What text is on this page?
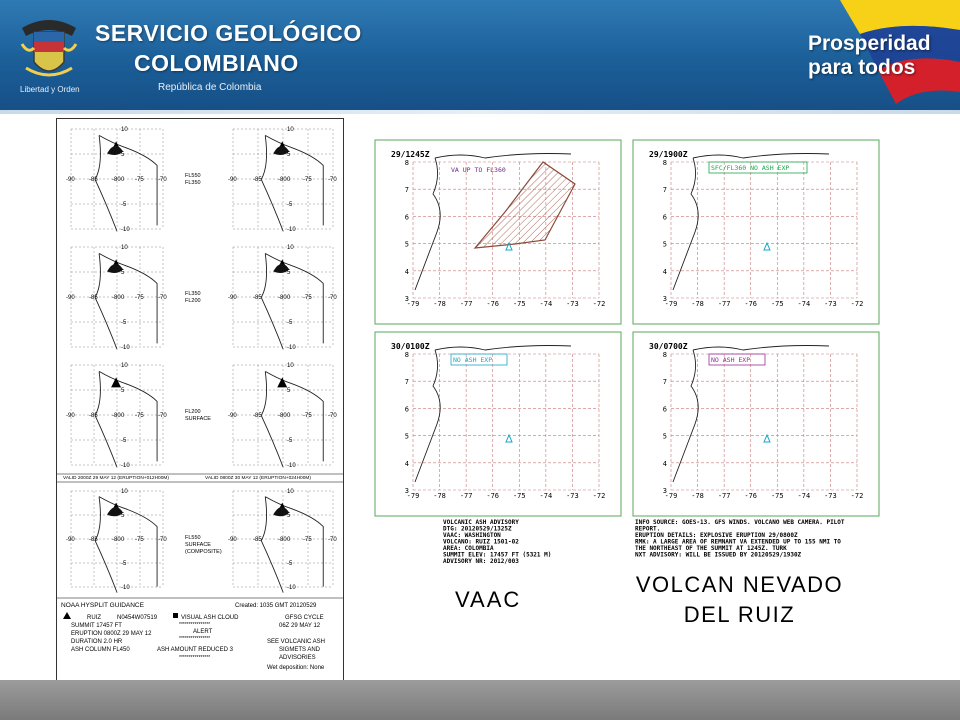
Libertad y Orden
SERVICIO GEOLÓGICO
COLOMBIANO
República de Colombia
Prosperidad
para todos
10
5
0
-5
-10
-90 -85 -80 -75 -70
10
5
0
-5
-10
-90	-85	-80	-75	-70
10
5
0
-5
-10
-90 -85 -80 -75 -70
10
5
0
-5
-10
-90	-85	-80	-75	-70
10
5
0
-5
-10
-90 -85 -80 -75 -70
10
5
0
-5
-10
-90	-85	-80	-75	-70
10
5
0
-5
-10
-90 -85 -80 -75 -70
10
5
0
-5
-10
-90	-85	-80	-75	-70
FL550
FL350
FL350
FL200
FL200
SURFACE
FL550
SURFACE
(COMPOSITE)
VALID 2000Z 29 MAY 12 (ERUPTION+012H00M)	VALID 0800Z 30 MAY 12 (ERUPTION+024H00M)
NOAA HYSPLIT GUIDANCE	Created: 1035 GMT 20120529
RUIZ	N0454W07519
SUMMIT 17457 FT
ERUPTION 0800Z 29 MAY 12
DURATION 2.0 HR
ASH COLUMN FL450
VISUAL ASH CLOUD
****************
ALERT
****************
ASH AMOUNT REDUCED 3
****************
GFSG CYCLE
06Z 29 MAY 12
SEE VOLCANIC ASH
SIGMETS AND
ADVISORIES
Wet deposition: None
8
7
6
5
4
3
-79 -78 -77 -76 -75 -74 -73 -72
29/1245Z
VA UP TO FL360
8
7
6
5
4
3
-79 -78 -77 -76 -75 -74 -73 -72
29/1900Z
SFC/FL360 NO ASH EXP
8
7
6
5
4
3
-79 -78 -77 -76 -75 -74 -73 -72
30/0100Z
NO ASH EXP
8
7
6
5
4
3
-79 -78 -77 -76 -75 -74 -73 -72
30/0700Z
NO ASH EXP
VOLCANIC ASH ADVISORY
DTG: 20120529/1325Z
VAAC: WASHINGTON
VOLCANO: RUIZ 1501-02
AREA: COLOMBIA
SUMMIT ELEV: 17457 FT (5321 M)
ADVISORY NR: 2012/003
INFO SOURCE: GOES-13. GFS WINDS. VOLCANO WEB CAMERA. PILOT
REPORT.
ERUPTION DETAILS: EXPLOSIVE ERUPTION 29/0800Z
RMK: A LARGE AREA OF REMNANT VA EXTENDED UP TO 155 NMI TO
THE NORTHEAST OF THE SUMMIT AT 1245Z. TURK
NXT ADVISORY: WILL BE ISSUED BY 20120529/1930Z
VAAC
VOLCAN NEVADO
DEL RUIZ
